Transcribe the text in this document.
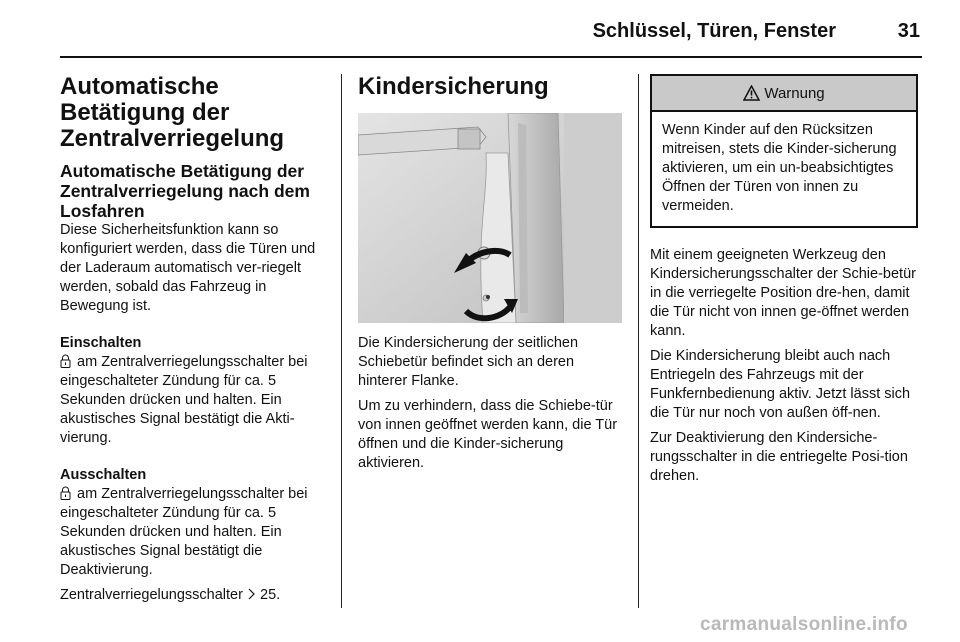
Schlüssel, Türen, Fenster	31
Automatische Betätigung der Zentralverriegelung
Automatische Betätigung der Zentralverriegelung nach dem Losfahren

Diese Sicherheitsfunktion kann so konfiguriert werden, dass die Türen und der Laderaum automatisch ver-riegelt werden, sobald das Fahrzeug in Bewegung ist.

Einschalten

am Zentralverriegelungsschalter bei eingeschalteter Zündung für ca. 5 Sekunden drücken und halten. Ein akustisches Signal bestätigt die Akti-vierung.

Ausschalten

am Zentralverriegelungsschalter bei eingeschalteter Zündung für ca. 5 Sekunden drücken und halten. Ein akustisches Signal bestätigt die Deaktivierung.

Zentralverriegelungsschalter 25.

Kindersicherung

Die Kindersicherung der seitlichen Schiebetür befindet sich an deren hinterer Flanke.

Um zu verhindern, dass die Schiebe-tür von innen geöffnet werden kann, die Tür öffnen und die Kinder-sicherung aktivieren.

Warnung
Wenn Kinder auf den Rücksitzen mitreisen, stets die Kinder-sicherung aktivieren, um ein un-beabsichtigtes Öffnen der Türen von innen zu vermeiden.

Mit einem geeigneten Werkzeug den Kindersicherungsschalter der Schie-betür in die verriegelte Position dre-hen, damit die Tür nicht von innen ge-öffnet werden kann.

Die Kindersicherung bleibt auch nach Entriegeln des Fahrzeugs mit der Funkfernbedienung aktiv. Jetzt lässt sich die Tür nur noch von außen öff-nen.

Zur Deaktivierung den Kindersiche-rungsschalter in die entriegelte Posi-tion drehen.

carmanualsonline.info
